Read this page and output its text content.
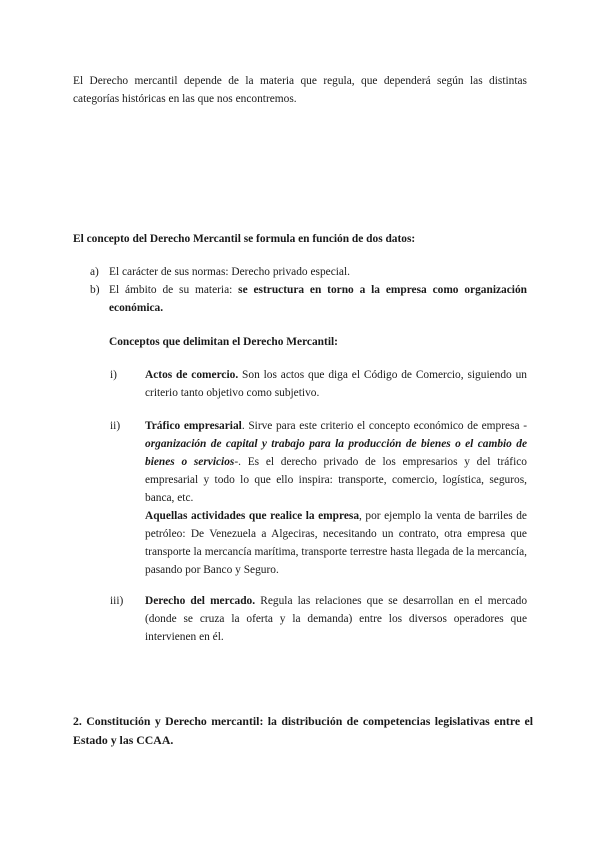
El Derecho mercantil depende de la materia que regula, que dependerá según las distintas categorías históricas en las que nos encontremos.
El concepto del Derecho Mercantil se formula en función de dos datos:
a) El carácter de sus normas: Derecho privado especial.
b) El ámbito de su materia: se estructura en torno a la empresa como organización económica.
Conceptos que delimitan el Derecho Mercantil:
i) Actos de comercio. Son los actos que diga el Código de Comercio, siguiendo un criterio tanto objetivo como subjetivo.
ii) Tráfico empresarial. Sirve para este criterio el concepto económico de empresa -organización de capital y trabajo para la producción de bienes o el cambio de bienes o servicios-. Es el derecho privado de los empresarios y del tráfico empresarial y todo lo que ello inspira: transporte, comercio, logística, seguros, banca, etc.
Aquellas actividades que realice la empresa, por ejemplo la venta de barriles de petróleo: De Venezuela a Algeciras, necesitando un contrato, otra empresa que transporte la mercancía marítima, transporte terrestre hasta llegada de la mercancía, pasando por Banco y Seguro.
iii) Derecho del mercado. Regula las relaciones que se desarrollan en el mercado (donde se cruza la oferta y la demanda) entre los diversos operadores que intervienen en él.
2. Constitución y Derecho mercantil: la distribución de competencias legislativas entre el Estado y las CCAA.
